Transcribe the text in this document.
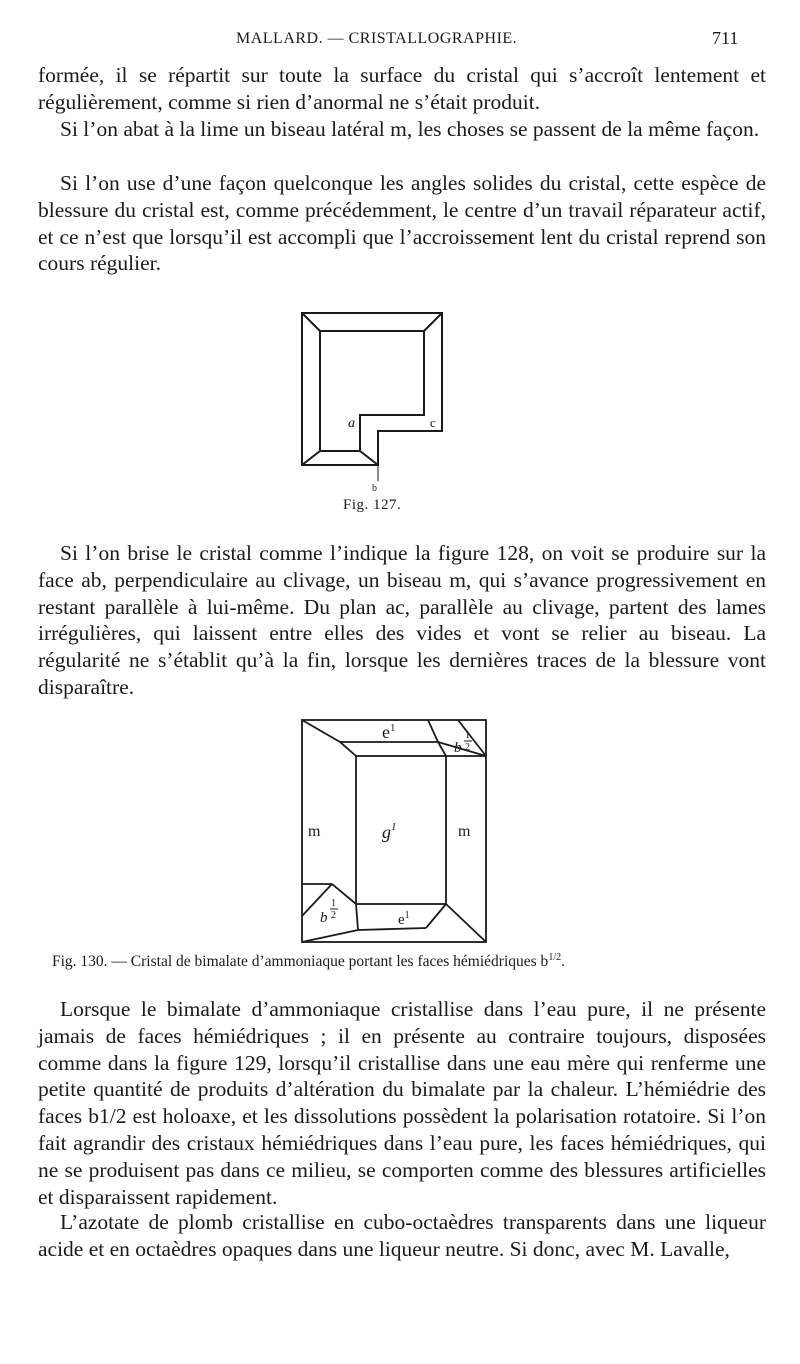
MALLARD. — CRISTALLOGRAPHIE.	711

formée, il se répartit sur toute la surface du cristal qui s’accroît lentement et régulièrement, comme si rien d’anormal ne s’était produit.

Si l’on abat à la lime un biseau latéral m, les choses se passent de la même façon.

Si l’on use d’une façon quelconque les angles solides du cristal, cette espèce de blessure du cristal est, comme précédemment, le centre d’un travail réparateur actif, et ce n’est que lorsqu’il est accompli que l’accroissement lent du cristal reprend son cours régulier.

a	c
b
Fig. 127.

Si l’on brise le cristal comme l’indique la figure 128, on voit se produire sur la face ab, perpendiculaire au clivage, un biseau m, qui s’avance progressivement en restant parallèle à lui-même. Du plan ac, parallèle au clivage, partent des lames irrégulières, qui laissent entre elles des vides et vont se relier au biseau. La régularité ne s’établit qu’à la fin, lorsque les dernières traces de la blessure vont disparaître.

$e^1$
b
1
2
m	m
$g^1$
b
1
2	$e^1$
Fig. 130. — Cristal de bimalate d’ammoniaque portant les faces hémiédriques $b^{1/2}$.

Lorsque le bimalate d’ammoniaque cristallise dans l’eau pure, il ne présente jamais de faces hémiédriques ; il en présente au contraire toujours, disposées comme dans la figure 129, lorsqu’il cristallise dans une eau mère qui renferme une petite quantité de produits d’altération du bimalate par la chaleur. L’hémiédrie des faces b1/2 est holoaxe, et les dissolutions possèdent la polarisation rotatoire. Si l’on fait agrandir des cristaux hémiédriques dans l’eau pure, les faces hémiédriques, qui ne se produisent pas dans ce milieu, se comporten comme des blessures artificielles et disparaissent rapidement.

L’azotate de plomb cristallise en cubo-octaèdres transparents dans une liqueur acide et en octaèdres opaques dans une liqueur neutre. Si donc, avec M. Lavalle,
